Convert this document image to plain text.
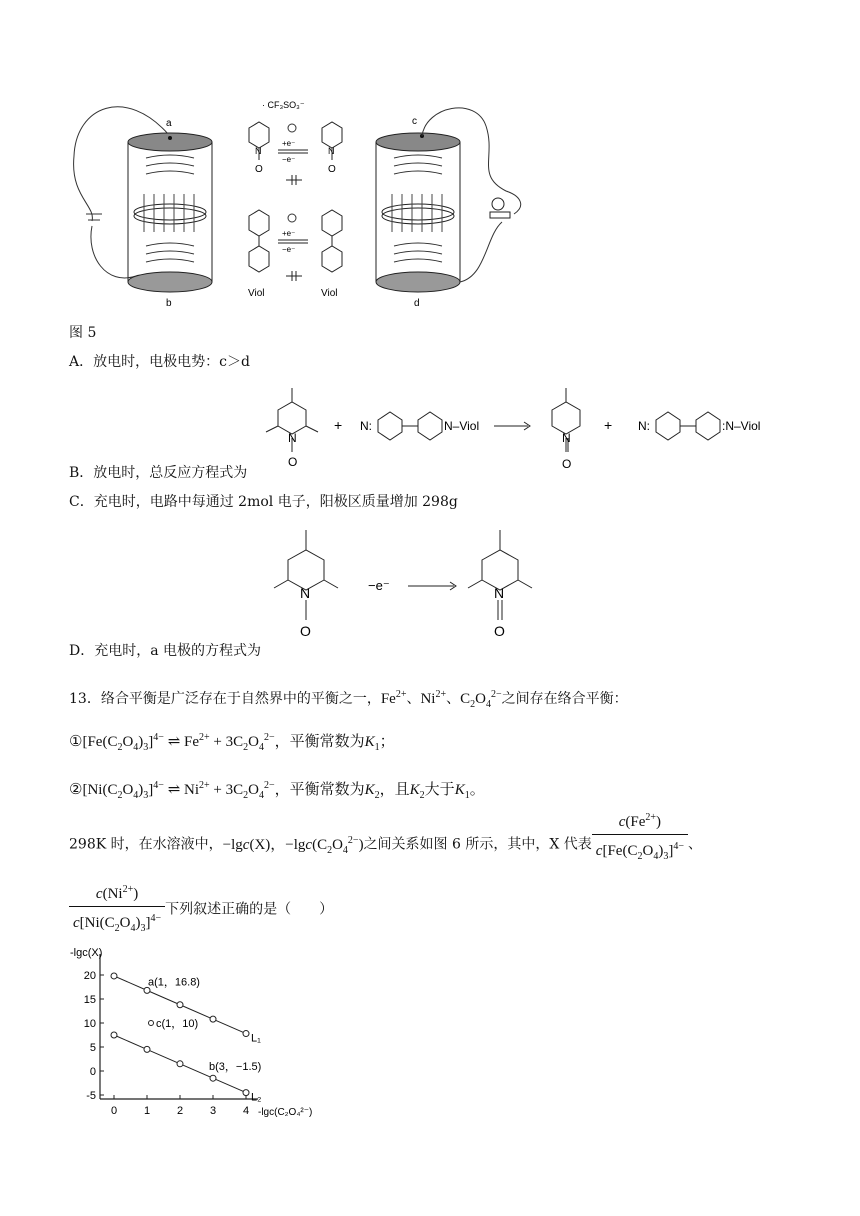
a
b
· CF₃SO₃⁻
O
N
O
N
+e⁻
−e⁻
Viol	Viol
+e⁻
−e⁻
c
d
图 5
A．放电时，电极电势：c＞d
N
O
+ N:	N–Viol
N
O
+ N:	:N–Viol
B．放电时，总反应方程式为
C．充电时，电路中每通过 2mol 电子，阳极区质量增加 298g
N
O
−e⁻	N
O
D．充电时，a 电极的方程式为
13．络合平衡是广泛存在于自然界中的平衡之一，$Fe^{2+}$、$Ni^{2+}$、$C_2O_4^{2-}$之间存在络合平衡：
$①[Fe(C_2O_4)_3]^{4-}$ ⇌ $Fe^{2+} + 3C_2O_4^{2-}$，平衡常数为$K_1$；
$②[Ni(C_2O_4)_3]^{4-}$ ⇌ $Ni^{2+} + 3C_2O_4^{2-}$，平衡常数为$K_2$，且$K_2$大于$K_1$。
298K 时，在水溶液中，−lgc(X)，$-\lg c(C_2O_4^{2-})$之间关系如图 6 所示，其中，X 代表 $\frac{c(Fe^{2+})}{c[Fe(C_2O_4)_3]^{4-}}$ 、
$\frac{c(Ni^{2+})}{c[Ni(C_2O_4)_3]^{4-}}$ 下列叙述正确的是（　　）
-lgc(X)
-lgc(C₂O₄²⁻)
20
15
10
5
0
-5
0 1 2 3 4
L₁
L₂
a(1，16.8)
c(1，10)
b(3，−1.5)
